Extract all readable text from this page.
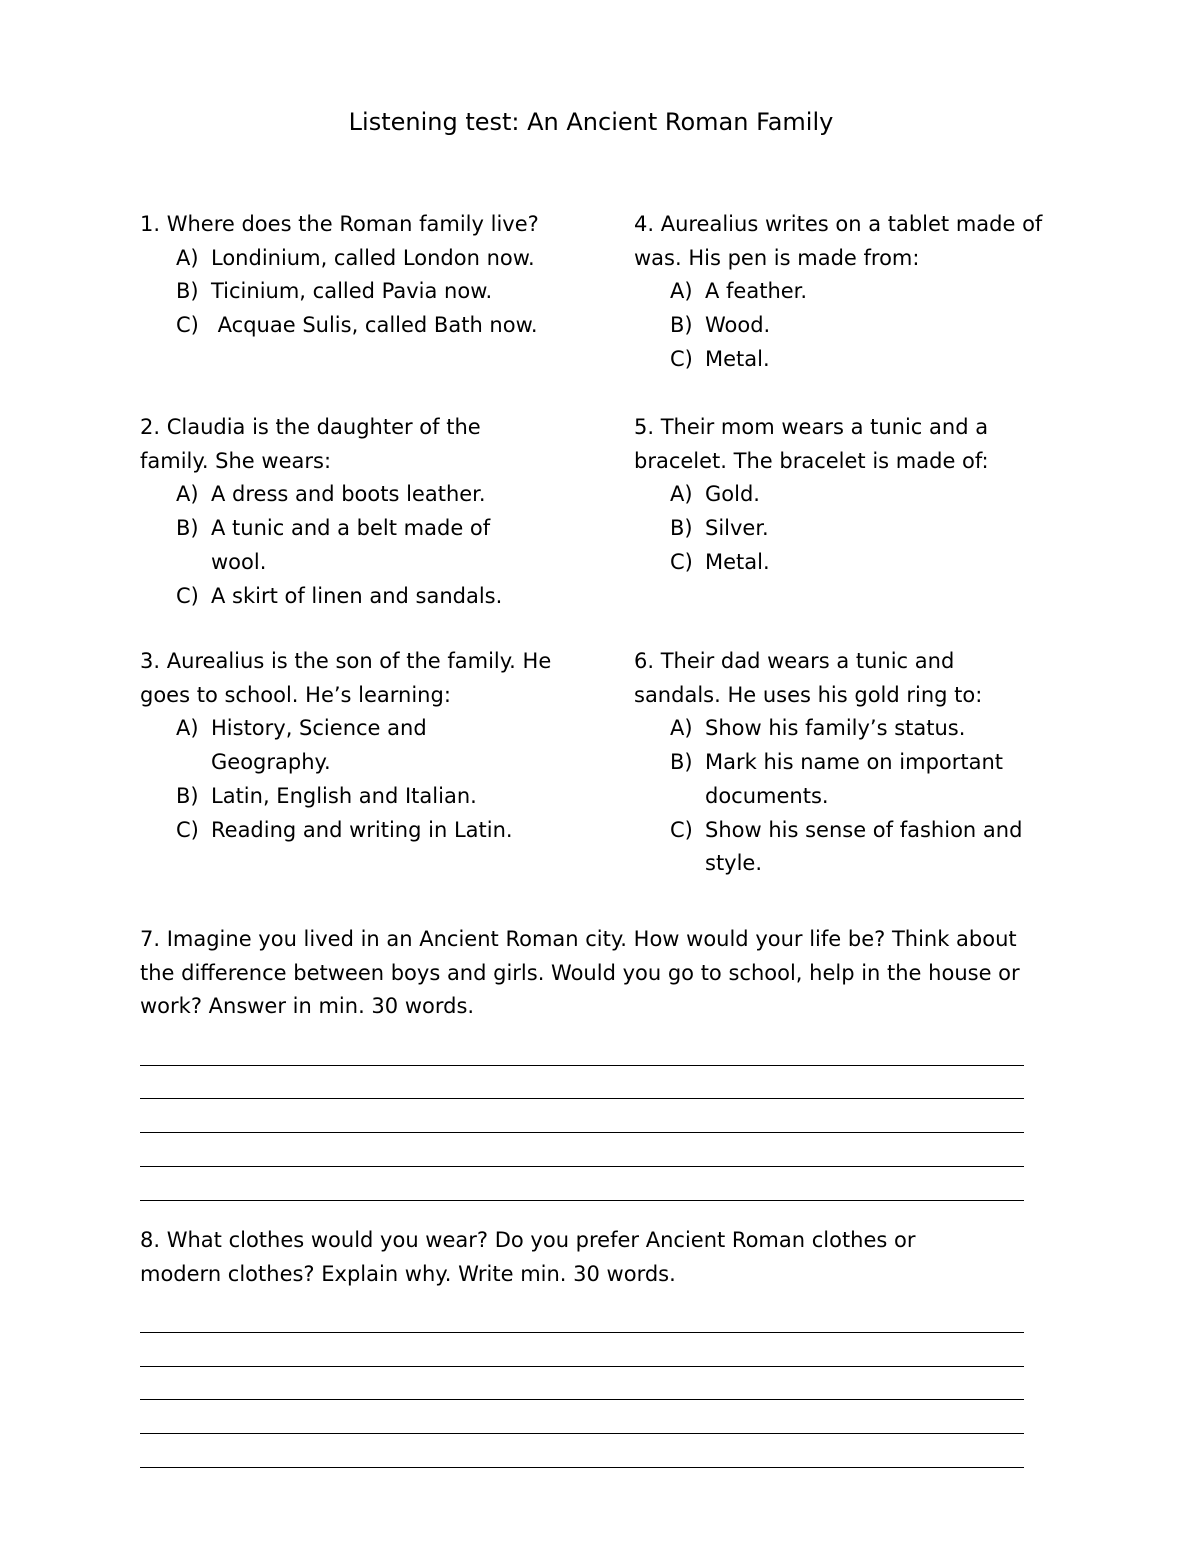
Listening test: An Ancient Roman Family

1. Where does the Roman family live?

A) Londinium, called London now.
B) Ticinium, called Pavia now.
C) Acquae Sulis, called Bath now.

2. Claudia is the daughter of the family. She wears:

A) A dress and boots leather.
B) A tunic and a belt made of wool.
C) A skirt of linen and sandals.

3. Aurealius is the son of the family. He goes to school. He’s learning:

A) History, Science and Geography.
B) Latin, English and Italian.
C) Reading and writing in Latin.

4. Aurealius writes on a tablet made of was. His pen is made from:

A) A feather.
B) Wood.
C) Metal.

5. Their mom wears a tunic and a bracelet. The bracelet is made of:

A) Gold.
B) Silver.
C) Metal.

6. Their dad wears a tunic and sandals. He uses his gold ring to:

A) Show his family’s status.
B) Mark his name on important documents.
C) Show his sense of fashion and style.

7. Imagine you lived in an Ancient Roman city. How would your life be? Think about the difference between boys and girls. Would you go to school, help in the house or work? Answer in min. 30 words.

8. What clothes would you wear? Do you prefer Ancient Roman clothes or modern clothes? Explain why. Write min. 30 words.
